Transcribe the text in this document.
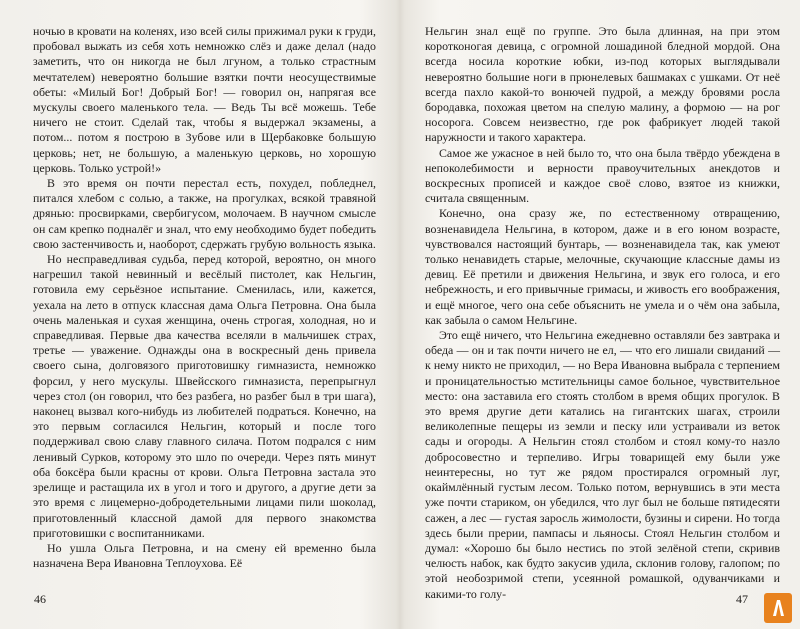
ночью в кровати на коленях, изо всей силы прижимал руки к груди, пробовал выжать из себя хоть немножко слёз и даже делал (надо заметить, что он никогда не был лгуном, а только страстным мечтателем) невероятно большие взятки почти неосуществимые обеты: «Милый Бог! Добрый Бог! — говорил он, напрягая все мускулы своего маленького тела. — Ведь Ты всё можешь. Тебе ничего не стоит. Сделай так, чтобы я выдержал экзамены, а потом... потом я построю в Зубове или в Щербаковке большую церковь; нет, не большую, а маленькую церковь, но хорошую церковь. Только устрой!»

В это время он почти перестал есть, похудел, побледнел, питался хлебом с солью, а также, на прогулках, всякой травяной дрянью: просвирками, свербигусом, молочаем. В научном смысле он сам крепко подналёг и знал, что ему необходимо будет победить свою застенчивость и, наоборот, сдержать грубую вольность языка.

Но несправедливая судьба, перед которой, вероятно, он много нагрешил такой невинный и весёлый пистолет, как Нельгин, готовила ему серьёзное испытание. Сменилась, или, кажется, уехала на лето в отпуск классная дама Ольга Петровна. Она была очень маленькая и сухая женщина, очень строгая, холодная, но и справедливая. Первые два качества вселяли в мальчишек страх, третье — уважение. Однажды она в воскресный день привела своего сына, долговязого приготовишку гимназиста, немножко форсил, у него мускулы. Швейсского гимназиста, перепрыгнул через стол (он говорил, что без разбега, но разбег был в три шага), наконец вызвал кого-нибудь из любителей подраться. Конечно, на это первым согласился Нельгин, который и после того поддерживал свою славу главного силача. Потом подрался с ним ленивый Сурков, которому это шло по очереди. Через пять минут оба боксёра были красны от крови. Ольга Петровна застала это зрелище и растащила их в угол и того и другого, а другие дети за это время с лицемерно-добродетельными лицами пили шоколад, приготовленный классной дамой для первого знакомства приготовишки с воспитанниками.

Но ушла Ольга Петровна, и на смену ей временно была назначена Вера Ивановна Теплоухова. Её

46

Нельгин знал ещё по группе. Это была длинная, на при этом коротконогая девица, с огромной лошадиной бледной мордой. Она всегда носила короткие юбки, из-под которых выглядывали невероятно большие ноги в прюнелевых башмаках с ушками. От неё всегда пахло какой-то вонючей пудрой, а между бровями росла бородавка, похожая цветом на спелую малину, а формою — на рог носорога. Совсем неизвестно, где рок фабрикует людей такой наружности и такого характера.

Самое же ужасное в ней было то, что она была твёрдо убеждена в непоколебимости и верности правоучительных анекдотов и воскресных прописей и каждое своё слово, взятое из книжки, считала священным.

Конечно, она сразу же, по естественному отвращению, возненавидела Нельгина, в котором, даже и в его юном возрасте, чувствовался настоящий бунтарь, — возненавидела так, как умеют только ненавидеть старые, мелочные, скучающие классные дамы из девиц. Её претили и движения Нельгина, и звук его голоса, и его небрежность, и его привычные гримасы, и живость его воображения, и ещё многое, чего она себе объяснить не умела и о чём она забыла, как забыла о самом Нельгине.

Это ещё ничего, что Нельгина ежедневно оставляли без завтрака и обеда — он и так почти ничего не ел, — что его лишали свиданий — к нему никто не приходил, — но Вера Ивановна выбрала с терпением и проницательностью мстительницы самое больное, чувствительное место: она заставила его стоять столбом в время общих прогулок. В это время другие дети катались на гигантских шагах, строили великолепные пещеры из земли и песку или устраивали из веток сады и огороды. А Нельгин стоял столбом и стоял кому-то назло добросовестно и терпеливо. Игры товарищей ему были уже неинтересны, но тут же рядом простирался огромный луг, окаймлённый густым лесом. Только потом, вернувшись в эти места уже почти стариком, он убедился, что луг был не больше пятидесяти сажен, а лес — густая заросль жимолости, бузины и сирени. Но тогда здесь были прерии, пампасы и льяносы. Стоял Нельгин столбом и думал: «Хорошо бы было нестись по этой зелёной степи, скривив челюсть набок, как будто закусив удила, склонив голову, галопом; по этой необозримой степи, усеянной ромашкой, одуванчиками и какими-то голу-	47
